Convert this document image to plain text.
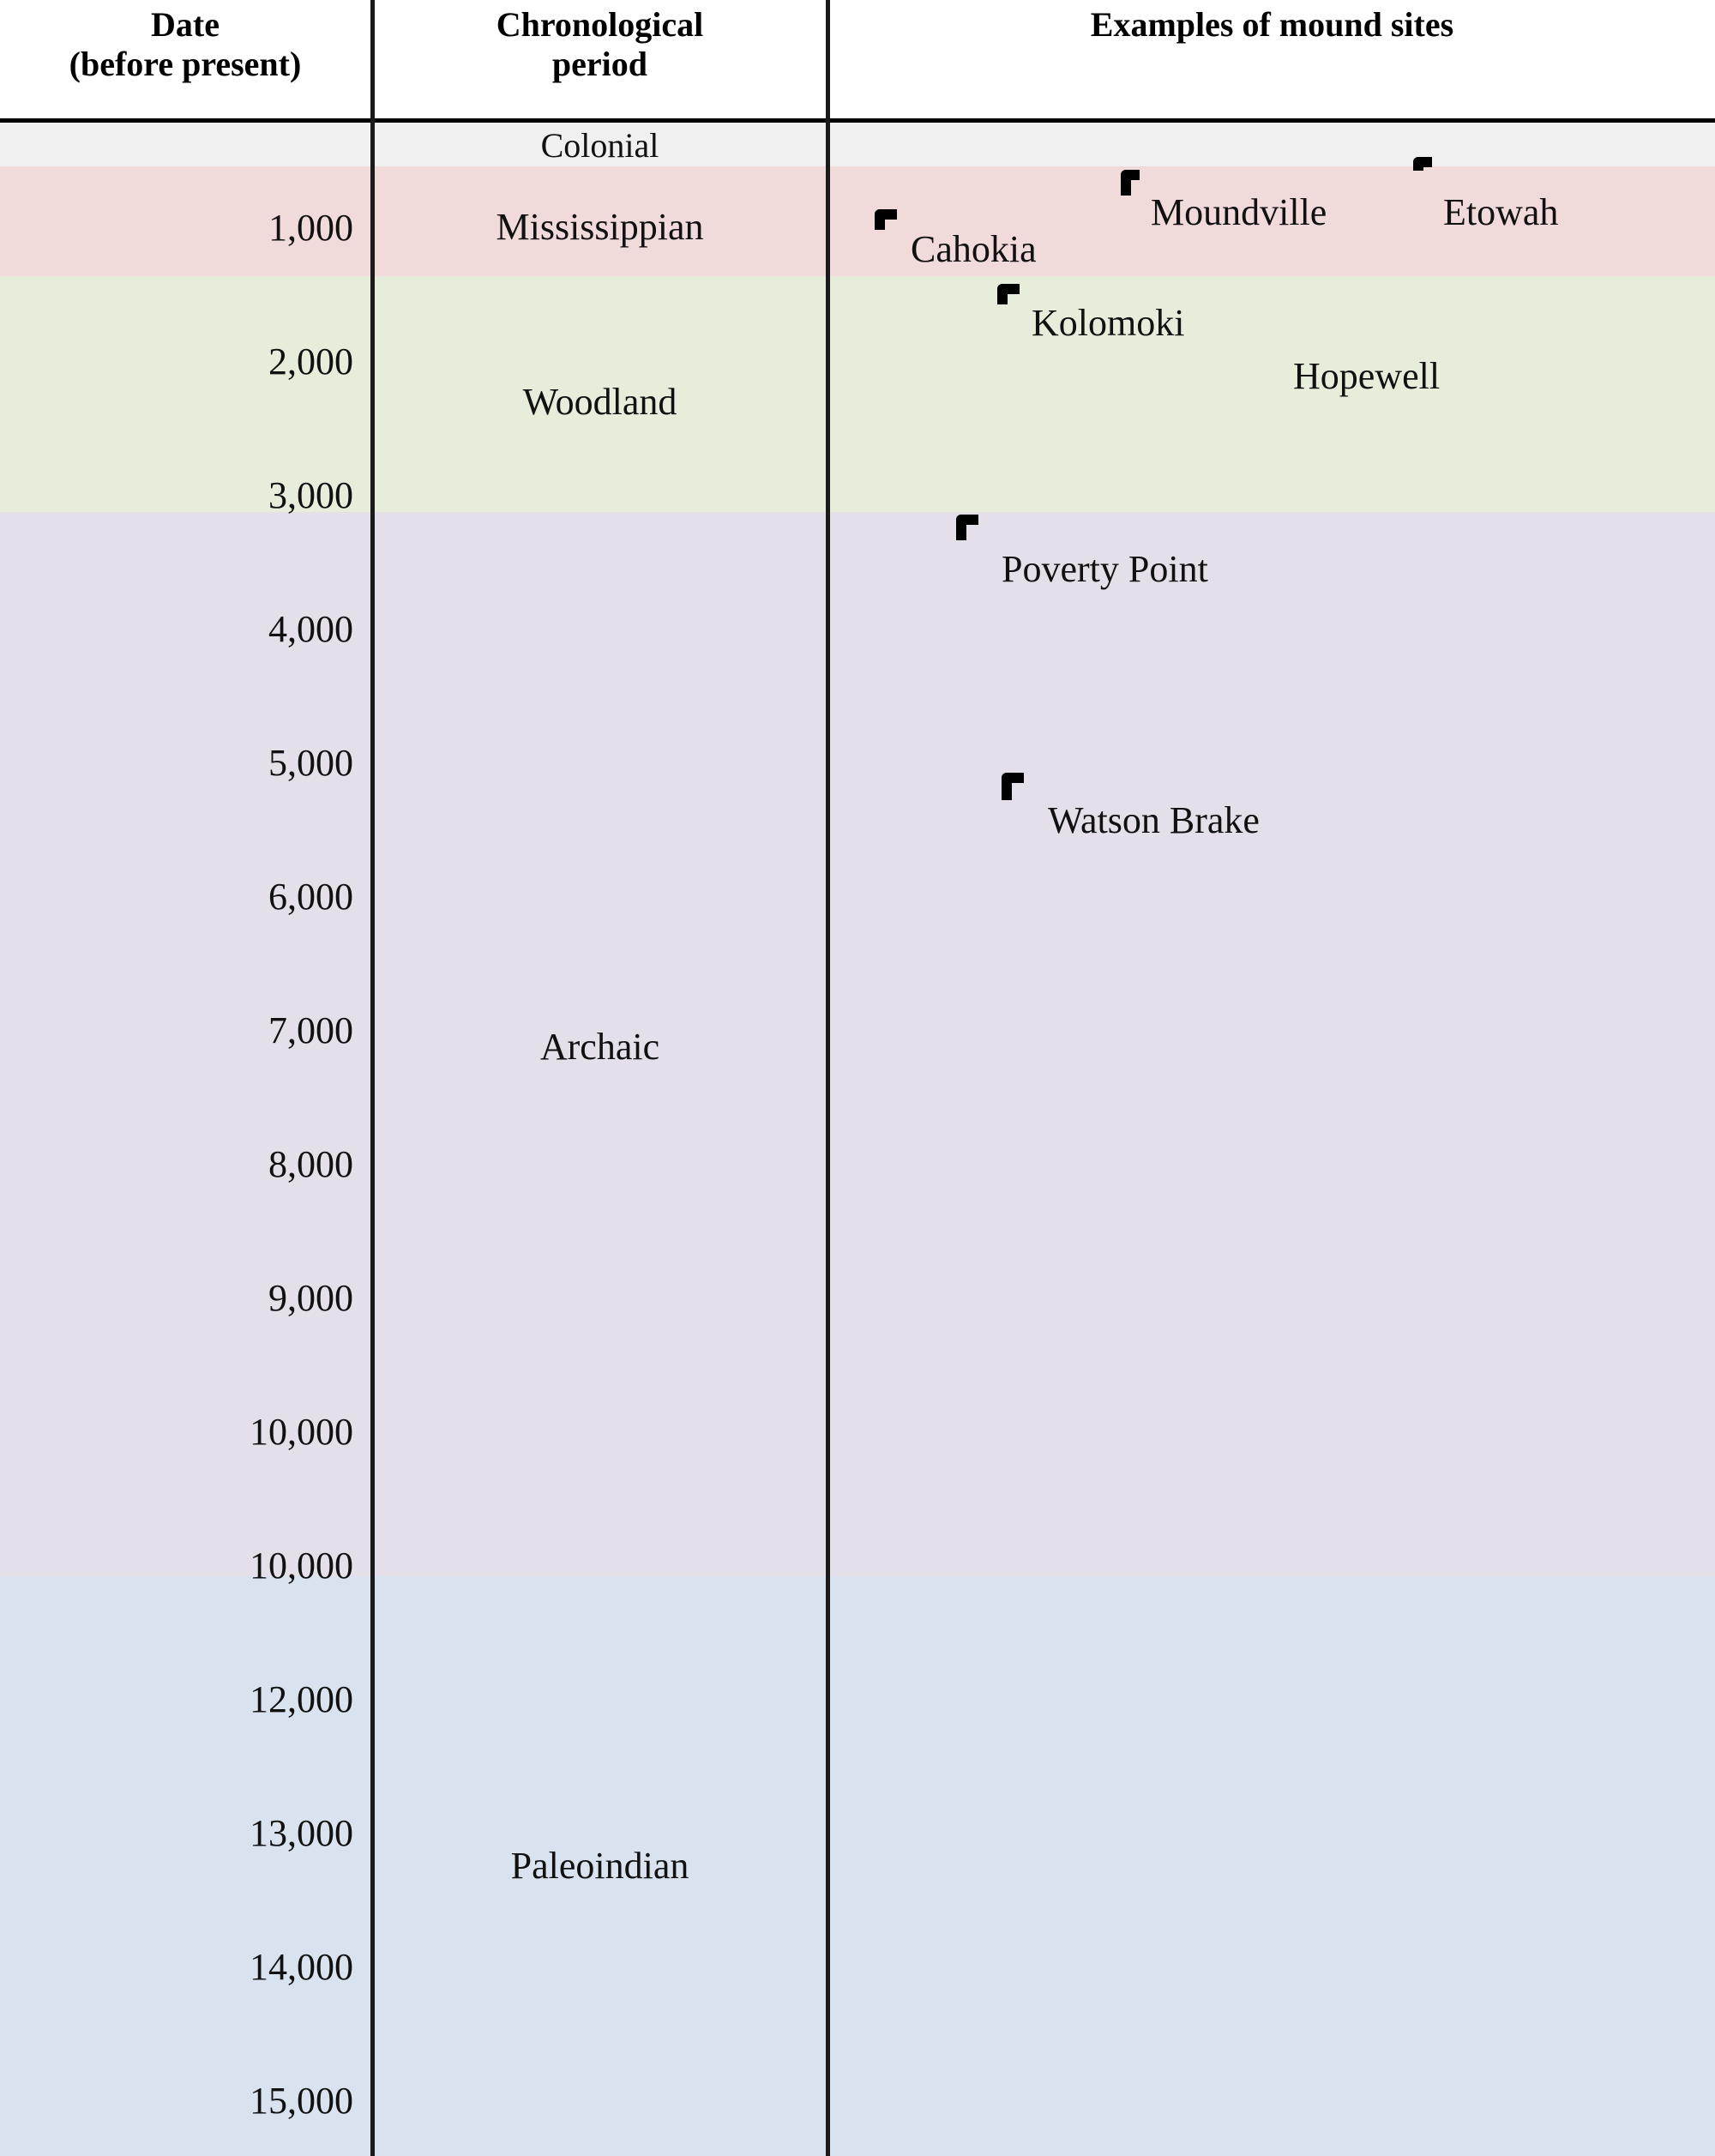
Date
(before present)
Chronological
period
Examples of mound sites
1,000
2,000
3,000
4,000
5,000
6,000
7,000
8,000
9,000
10,000
10,000
12,000
13,000
14,000
15,000
Colonial
Mississippian
Woodland
Archaic
Paleoindian
Cahokia
Moundville	Etowah
Kolomoki
Hopewell
Poverty Point
Watson Brake
